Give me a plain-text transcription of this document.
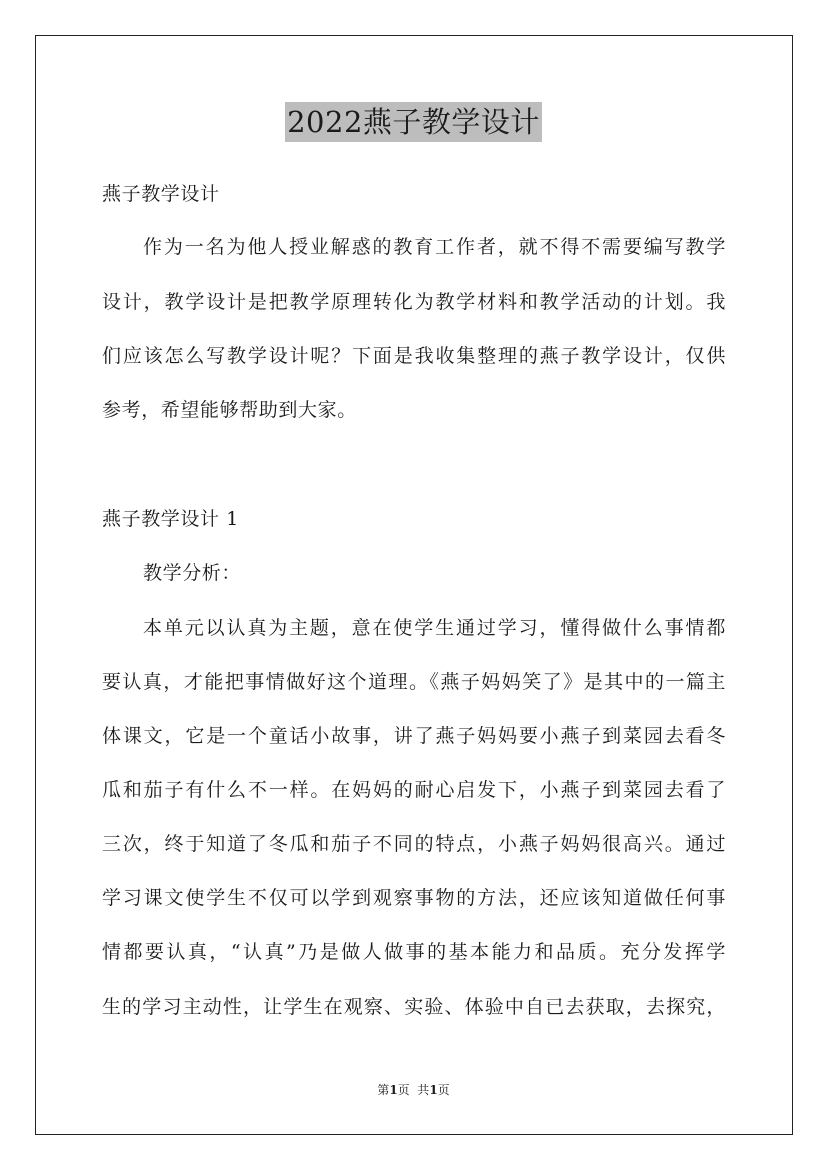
2022燕子教学设计
燕子教学设计
作为一名为他人授业解惑的教育工作者，就不得不需要编写教学
设计，教学设计是把教学原理转化为教学材料和教学活动的计划。我
们应该怎么写教学设计呢？下面是我收集整理的燕子教学设计，仅供
参考，希望能够帮助到大家。
燕子教学设计 1
教学分析：
本单元以认真为主题，意在使学生通过学习，懂得做什么事情都
要认真，才能把事情做好这个道理。《燕子妈妈笑了》是其中的一篇主
体课文，它是一个童话小故事，讲了燕子妈妈要小燕子到菜园去看冬
瓜和茄子有什么不一样。在妈妈的耐心启发下，小燕子到菜园去看了
三次，终于知道了冬瓜和茄子不同的特点，小燕子妈妈很高兴。通过
学习课文使学生不仅可以学到观察事物的方法，还应该知道做任何事
情都要认真，“认真”乃是做人做事的基本能力和品质。充分发挥学
生的学习主动性，让学生在观察、实验、体验中自已去获取，去探究，
第1页  共1页
